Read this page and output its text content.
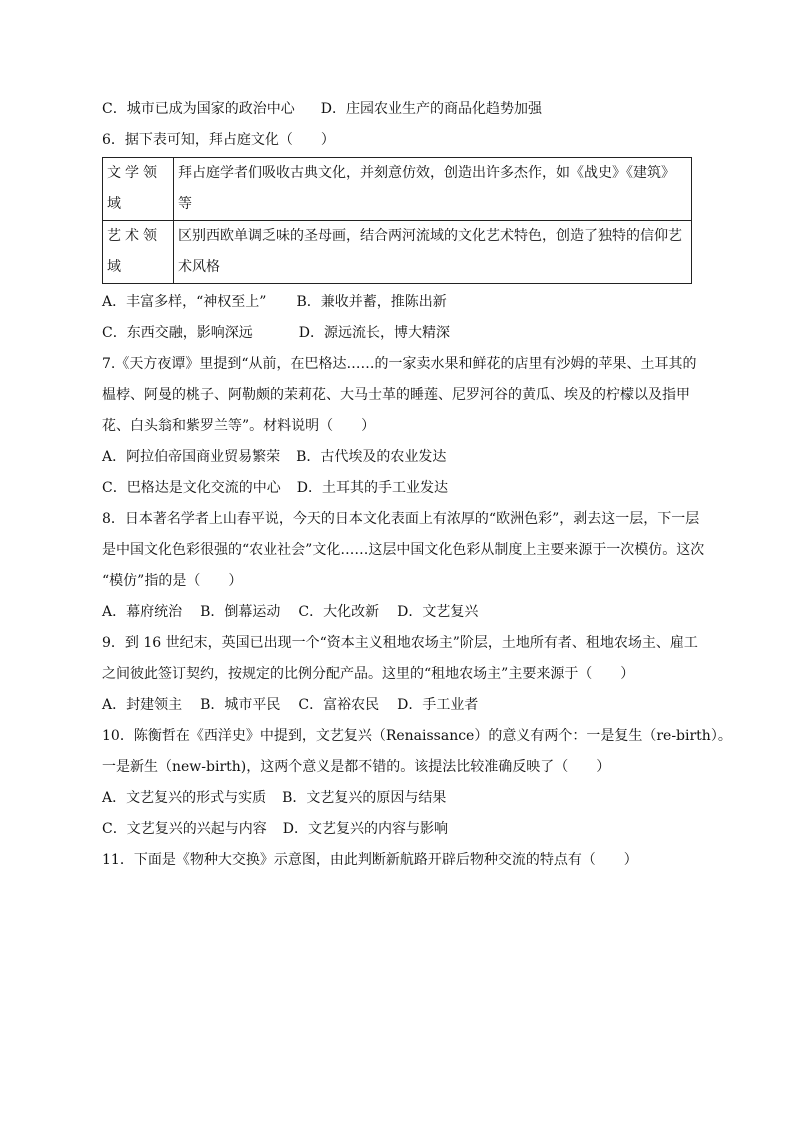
C．城市已成为国家的政治中心 D．庄园农业生产的商品化趋势加强
6．据下表可知，拜占庭文化（　　）
文学领域	拜占庭学者们吸收古典文化，并刻意仿效，创造出许多杰作，如《战史》《建筑》等
艺术领域	区别西欧单调乏味的圣母画，结合两河流域的文化艺术特色，创造了独特的信仰艺术风格
A．丰富多样，“神权至上” B．兼收并蓄，推陈出新
C．东西交融，影响深远	D．源远流长，博大精深
7.《天方夜谭》里提到“从前，在巴格达……的一家卖水果和鲜花的店里有沙姆的苹果、土耳其的
榅桲、阿曼的桃子、阿勒颇的茉莉花、大马士革的睡莲、尼罗河谷的黄瓜、埃及的柠檬以及指甲
花、白头翁和紫罗兰等”。材料说明（　　）
A．阿拉伯帝国商业贸易繁荣 B．古代埃及的农业发达
C．巴格达是文化交流的中心 D．土耳其的手工业发达
8．日本著名学者上山春平说，今天的日本文化表面上有浓厚的“欧洲色彩”，剥去这一层，下一层
是中国文化色彩很强的“农业社会”文化……这层中国文化色彩从制度上主要来源于一次模仿。这次
“模仿”指的是（　　）
A．幕府统治 B．倒幕运动 C．大化改新 D．文艺复兴
9．到 16 世纪末，英国已出现一个“资本主义租地农场主”阶层，土地所有者、租地农场主、雇工
之间彼此签订契约，按规定的比例分配产品。这里的“租地农场主”主要来源于（　　）
A．封建领主 B．城市平民 C．富裕农民 D．手工业者
10．陈衡哲在《西洋史》中提到，文艺复兴（Renaissance）的意义有两个：一是复生（re-birth）。
一是新生（new-birth)，这两个意义是都不错的。该提法比较准确反映了（　　）
A．文艺复兴的形式与实质 B．文艺复兴的原因与结果
C．文艺复兴的兴起与内容 D．文艺复兴的内容与影响
11．下面是《物种大交换》示意图，由此判断新航路开辟后物种交流的特点有（　　）
